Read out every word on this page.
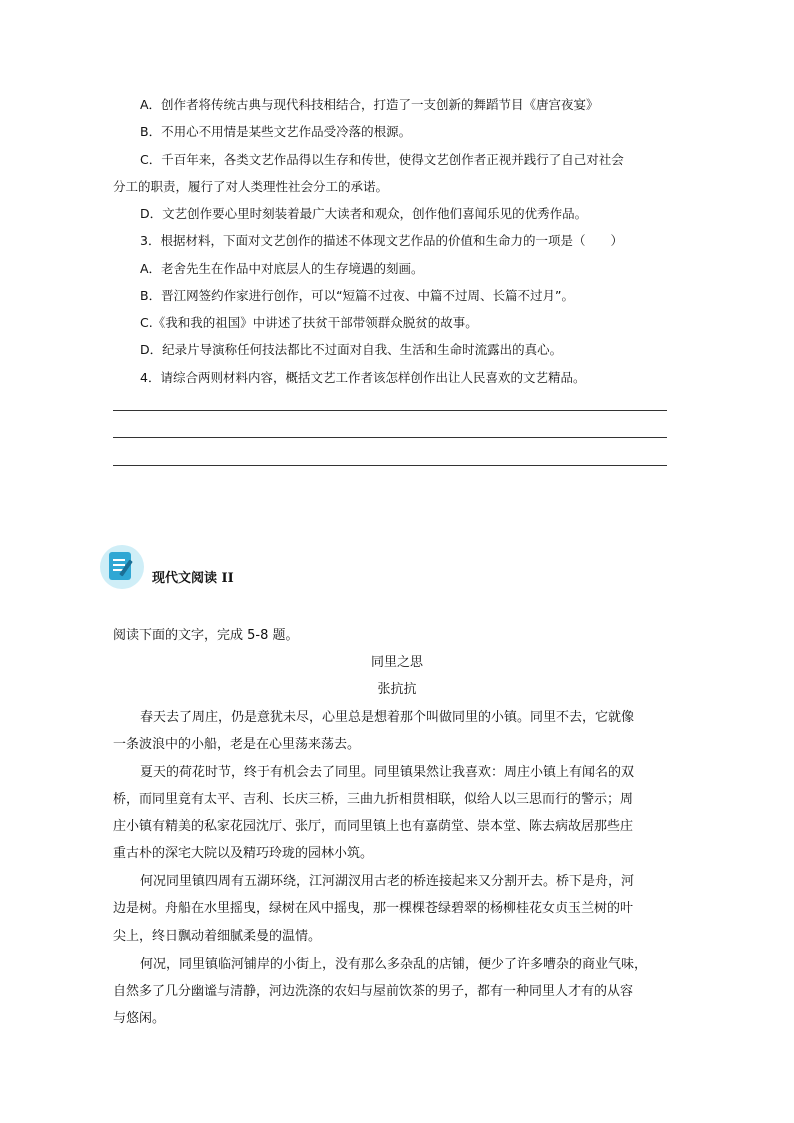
A．创作者将传统古典与现代科技相结合，打造了一支创新的舞蹈节目《唐宫夜宴》
B．不用心不用情是某些文艺作品受冷落的根源。
C．千百年来，各类文艺作品得以生存和传世，使得文艺创作者正视并践行了自己对社会
分工的职责，履行了对人类理性社会分工的承诺。
D．文艺创作要心里时刻装着最广大读者和观众，创作他们喜闻乐见的优秀作品。
3．根据材料，下面对文艺创作的描述不体现文艺作品的价值和生命力的一项是（　　）
A．老舍先生在作品中对底层人的生存境遇的刻画。
B．晋江网签约作家进行创作，可以“短篇不过夜、中篇不过周、长篇不过月”。
C.《我和我的祖国》中讲述了扶贫干部带领群众脱贫的故事。
D．纪录片导演称任何技法都比不过面对自我、生活和生命时流露出的真心。
4．请综合两则材料内容，概括文艺工作者该怎样创作出让人民喜欢的文艺精品。
现代文阅读 II
阅读下面的文字，完成 5-8 题。
同里之思
张抗抗
春天去了周庄，仍是意犹未尽，心里总是想着那个叫做同里的小镇。同里不去，它就像
一条波浪中的小船，老是在心里荡来荡去。
夏天的荷花时节，终于有机会去了同里。同里镇果然让我喜欢：周庄小镇上有闻名的双
桥，而同里竟有太平、吉利、长庆三桥，三曲九折相贯相联，似给人以三思而行的警示；周
庄小镇有精美的私家花园沈厅、张厅，而同里镇上也有嘉荫堂、崇本堂、陈去病故居那些庄
重古朴的深宅大院以及精巧玲珑的园林小筑。
何况同里镇四周有五湖环绕，江河湖汊用古老的桥连接起来又分割开去。桥下是舟，河
边是树。舟船在水里摇曳，绿树在风中摇曳，那一棵棵苍绿碧翠的杨柳桂花女贞玉兰树的叶
尖上，终日飘动着细腻柔曼的温情。
何况，同里镇临河铺岸的小街上，没有那么多杂乱的店铺，便少了许多嘈杂的商业气味，
自然多了几分幽谧与清静，河边洗涤的农妇与屋前饮茶的男子，都有一种同里人才有的从容
与悠闲。
